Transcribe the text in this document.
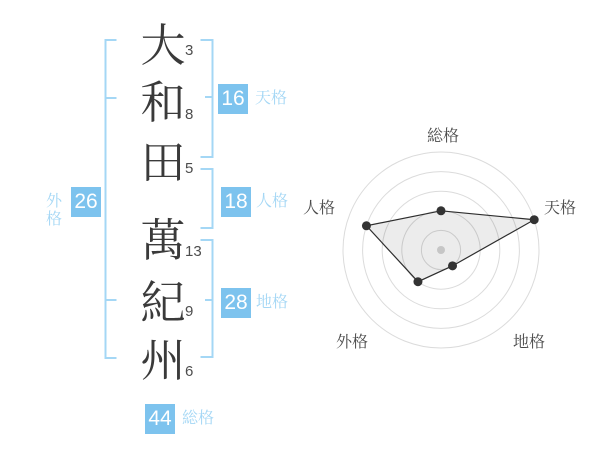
大
和
田
萬
紀
州
3
8
5
13
9
6
16 天格
18 人格
28 地格
外格
26
44 総格
総格
天格
地格
外格
人格
